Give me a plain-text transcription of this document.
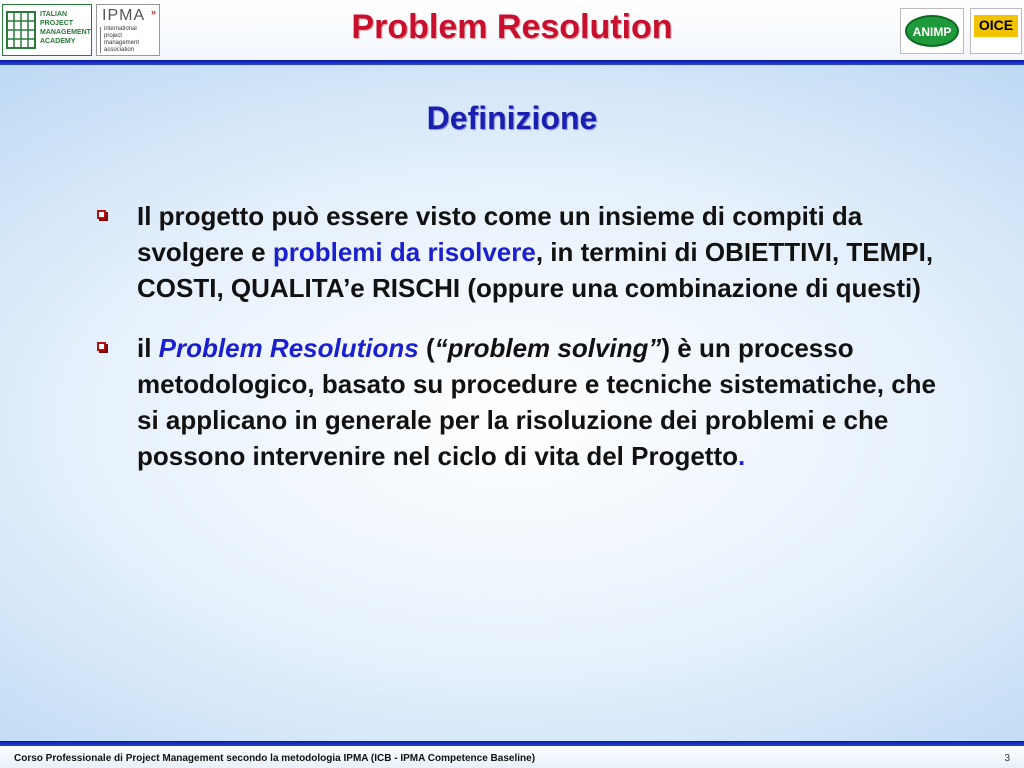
ITALIAN
PROJECT
MANAGEMENT
ACADEMY
IPMA »
international
project
management
association
Problem Resolution	ANIMP	OICE
Definizione
Il progetto può essere visto come un insieme di compiti da svolgere e problemi da risolvere, in termini di OBIETTIVI, TEMPI, COSTI, QUALITA’e RISCHI (oppure una combinazione di questi)
il Problem Resolutions (“problem solving”) è un processo metodologico, basato su procedure e tecniche sistematiche, che si applicano in generale per la risoluzione dei problemi e che possono intervenire nel ciclo di vita del Progetto.
Corso Professionale di Project Management secondo la metodologia IPMA (ICB - IPMA Competence Baseline)	3
